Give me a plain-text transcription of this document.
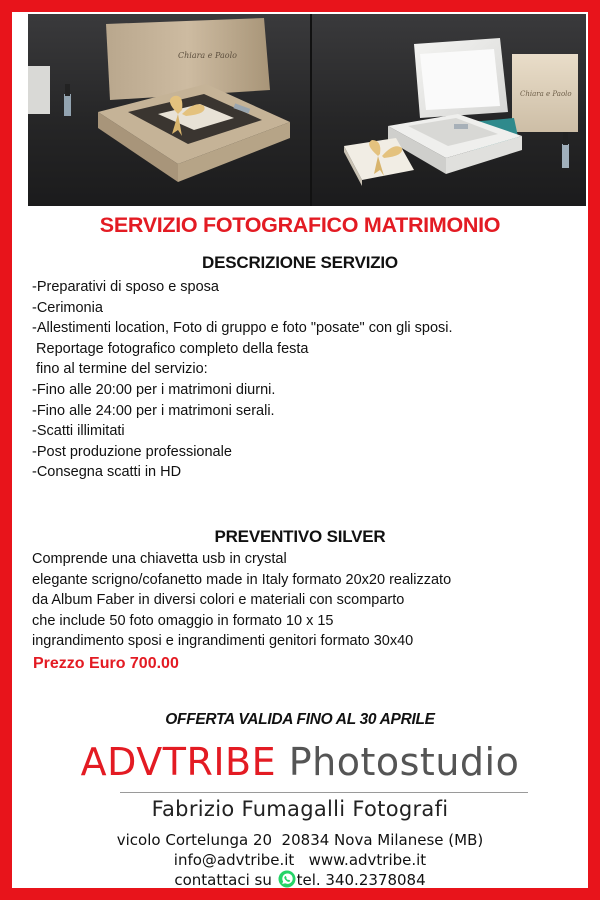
Chiara e Paolo
Chiara e Paolo
SERVIZIO FOTOGRAFICO MATRIMONIO
DESCRIZIONE SERVIZIO
-Preparativi di sposo e sposa
-Cerimonia
-Allestimenti location, Foto di gruppo e foto "posate" con gli sposi.
Reportage fotografico completo della festa
fino al termine del servizio:
-Fino alle 20:00 per i matrimoni diurni.
-Fino alle 24:00 per i matrimoni serali.
-Scatti illimitati
-Post produzione professionale
-Consegna scatti in HD
PREVENTIVO SILVER
Comprende una chiavetta usb in crystal
elegante scrigno/cofanetto made in Italy formato 20x20 realizzato
da Album Faber in diversi colori e materiali con scomparto
che include 50 foto omaggio in formato 10 x 15
ingrandimento sposi e ingrandimenti genitori formato 30x40
Prezzo Euro 700.00
OFFERTA VALIDA FINO AL 30 APRILE
ADVTRIBE Photostudio
Fabrizio Fumagalli Fotografi
vicolo Cortelunga 20  20834 Nova Milanese (MB)
info@advtribe.it www.advtribe.it
contattaci su tel. 340.2378084
